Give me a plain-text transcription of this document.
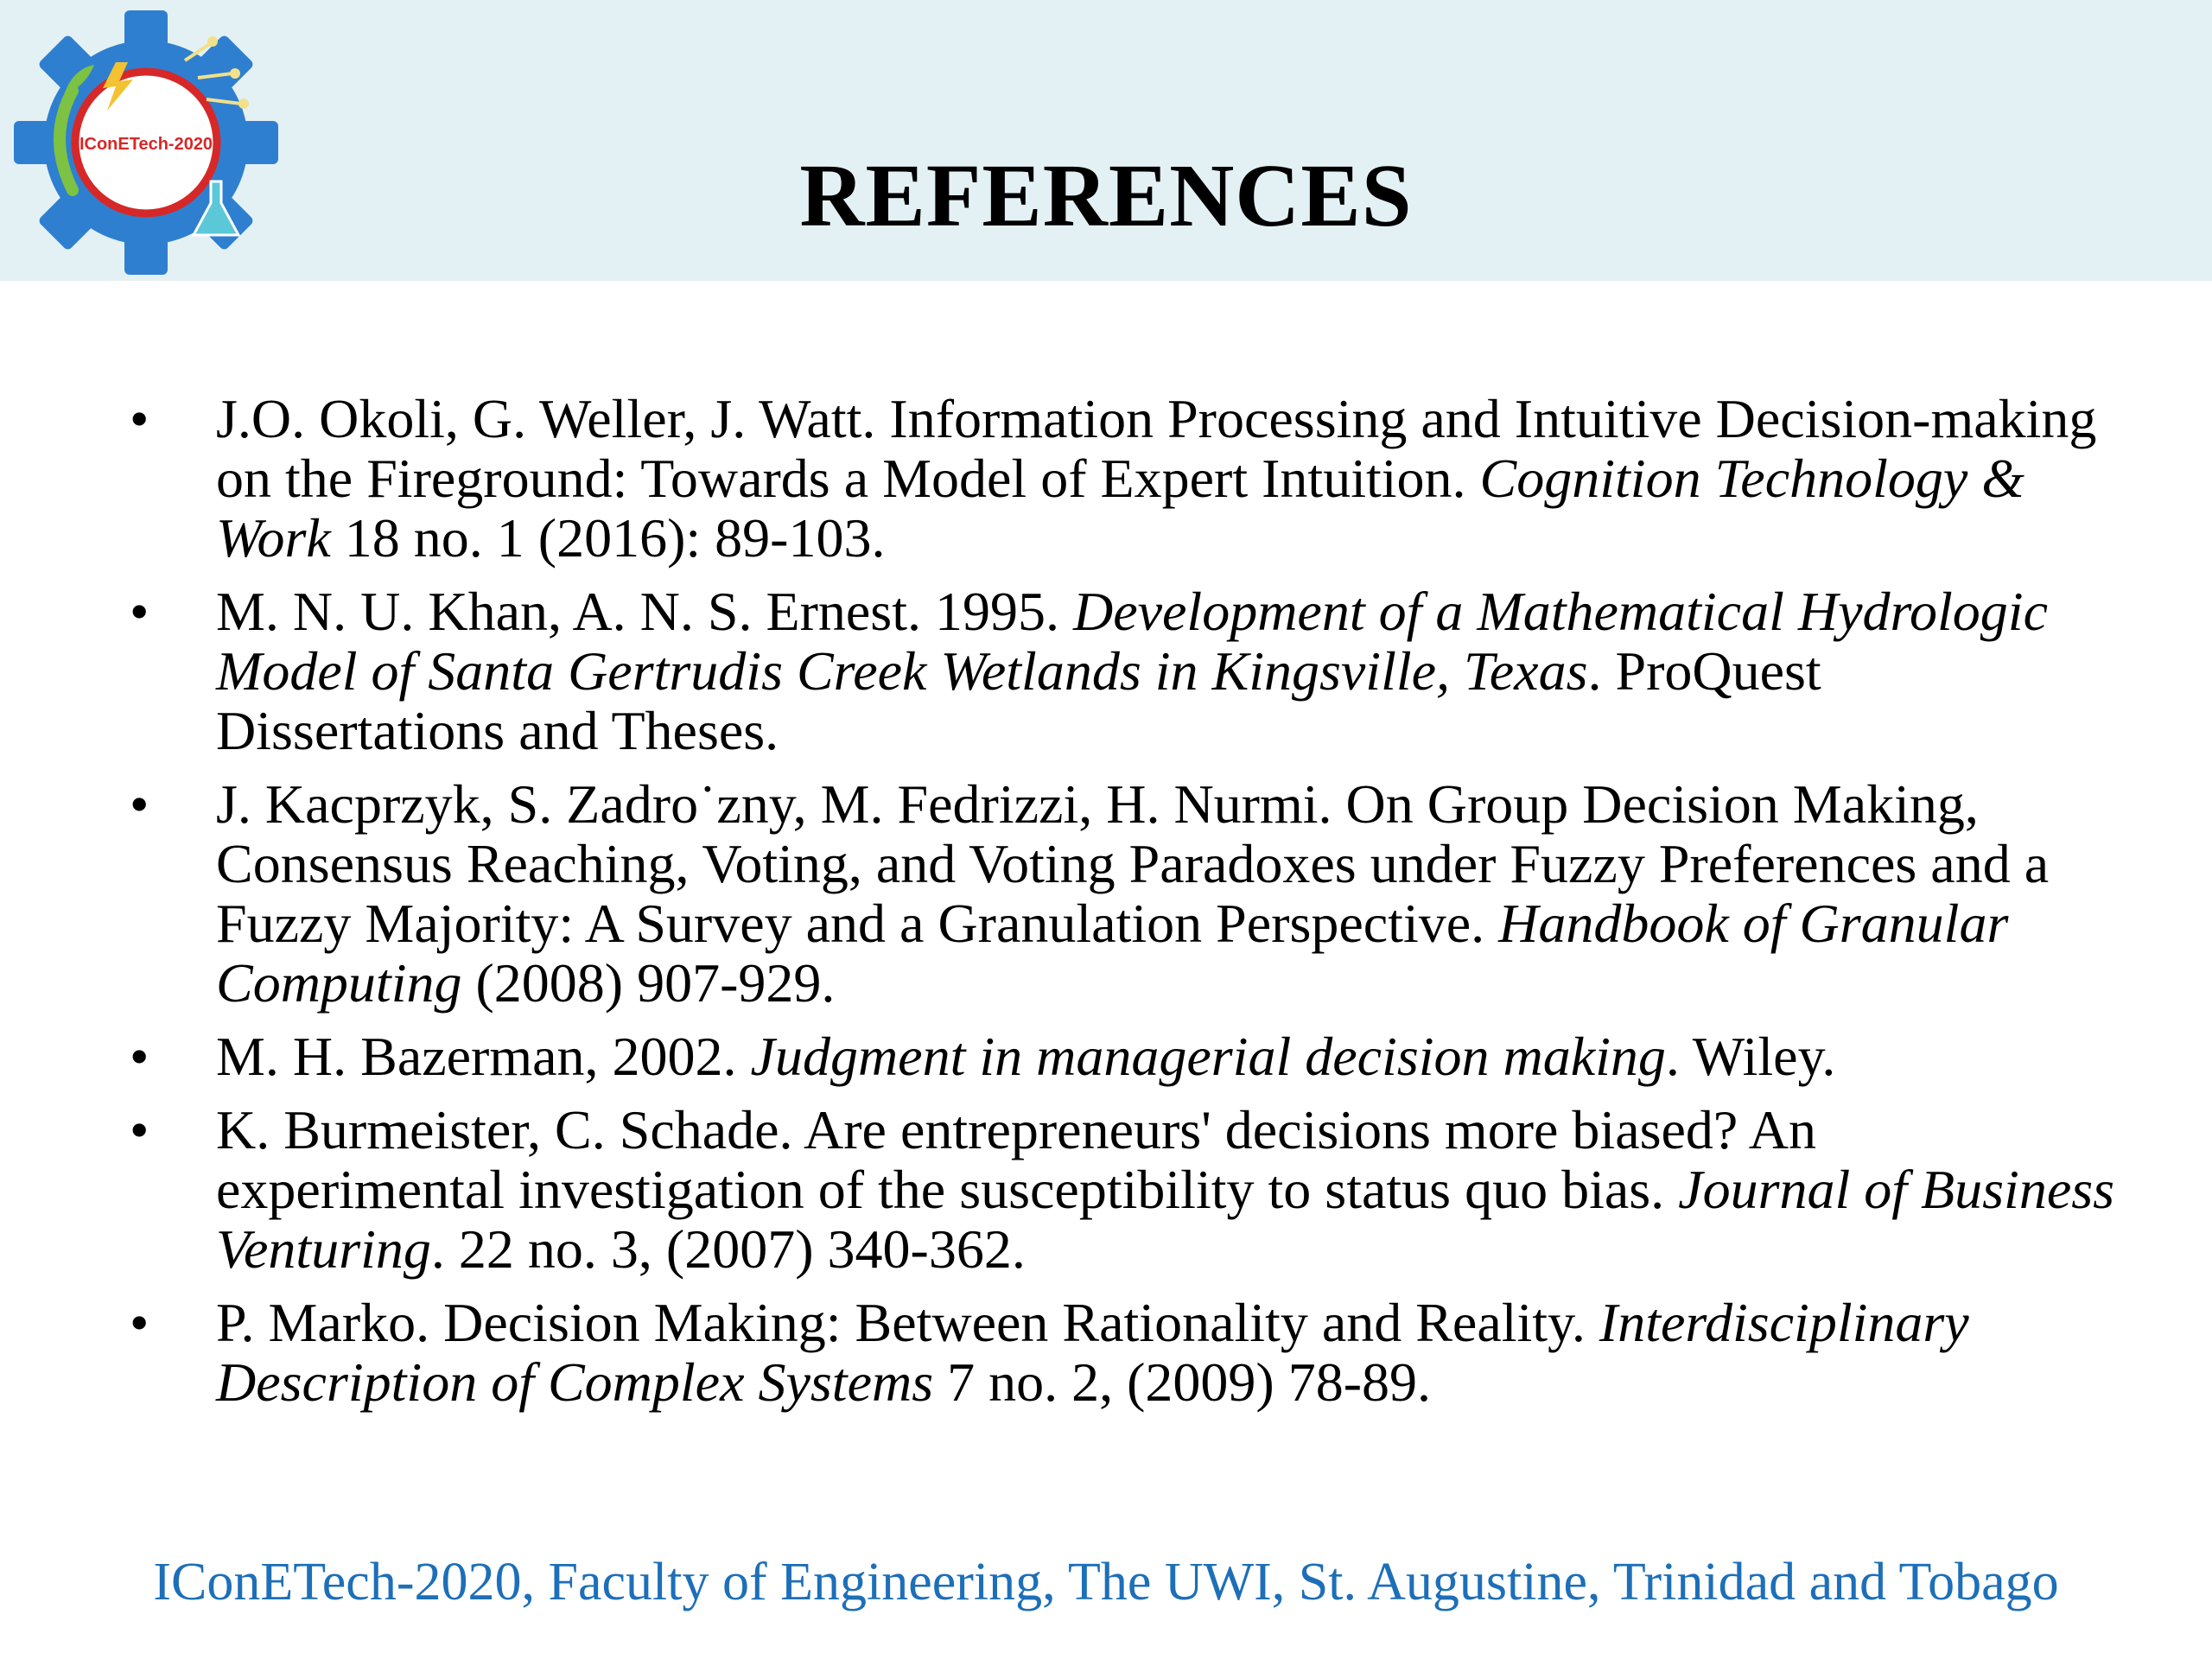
IConETech-2020
REFERENCES
• J.O. Okoli, G. Weller, J. Watt. Information Processing and Intuitive Decision-making on the Fireground: Towards a Model of Expert Intuition. Cognition Technology & Work 18 no. 1 (2016): 89-103.
• M. N. U. Khan, A. N. S. Ernest. 1995. Development of a Mathematical Hydrologic Model of Santa Gertrudis Creek Wetlands in Kingsville, Texas. ProQuest Dissertations and Theses.
• J. Kacprzyk, S. Zadro˙zny, M. Fedrizzi, H. Nurmi. On Group Decision Making, Consensus Reaching, Voting, and Voting Paradoxes under Fuzzy Preferences and a Fuzzy Majority: A Survey and a Granulation Perspective. Handbook of Granular Computing (2008) 907-929.
• M. H. Bazerman, 2002. Judgment in managerial decision making. Wiley.
• K. Burmeister, C. Schade. Are entrepreneurs' decisions more biased? An experimental investigation of the susceptibility to status quo bias. Journal of Business Venturing. 22 no. 3, (2007) 340-362.
• P. Marko. Decision Making: Between Rationality and Reality. Interdisciplinary Description of Complex Systems 7 no. 2, (2009) 78-89.
IConETech-2020, Faculty of Engineering, The UWI, St. Augustine, Trinidad and Tobago
